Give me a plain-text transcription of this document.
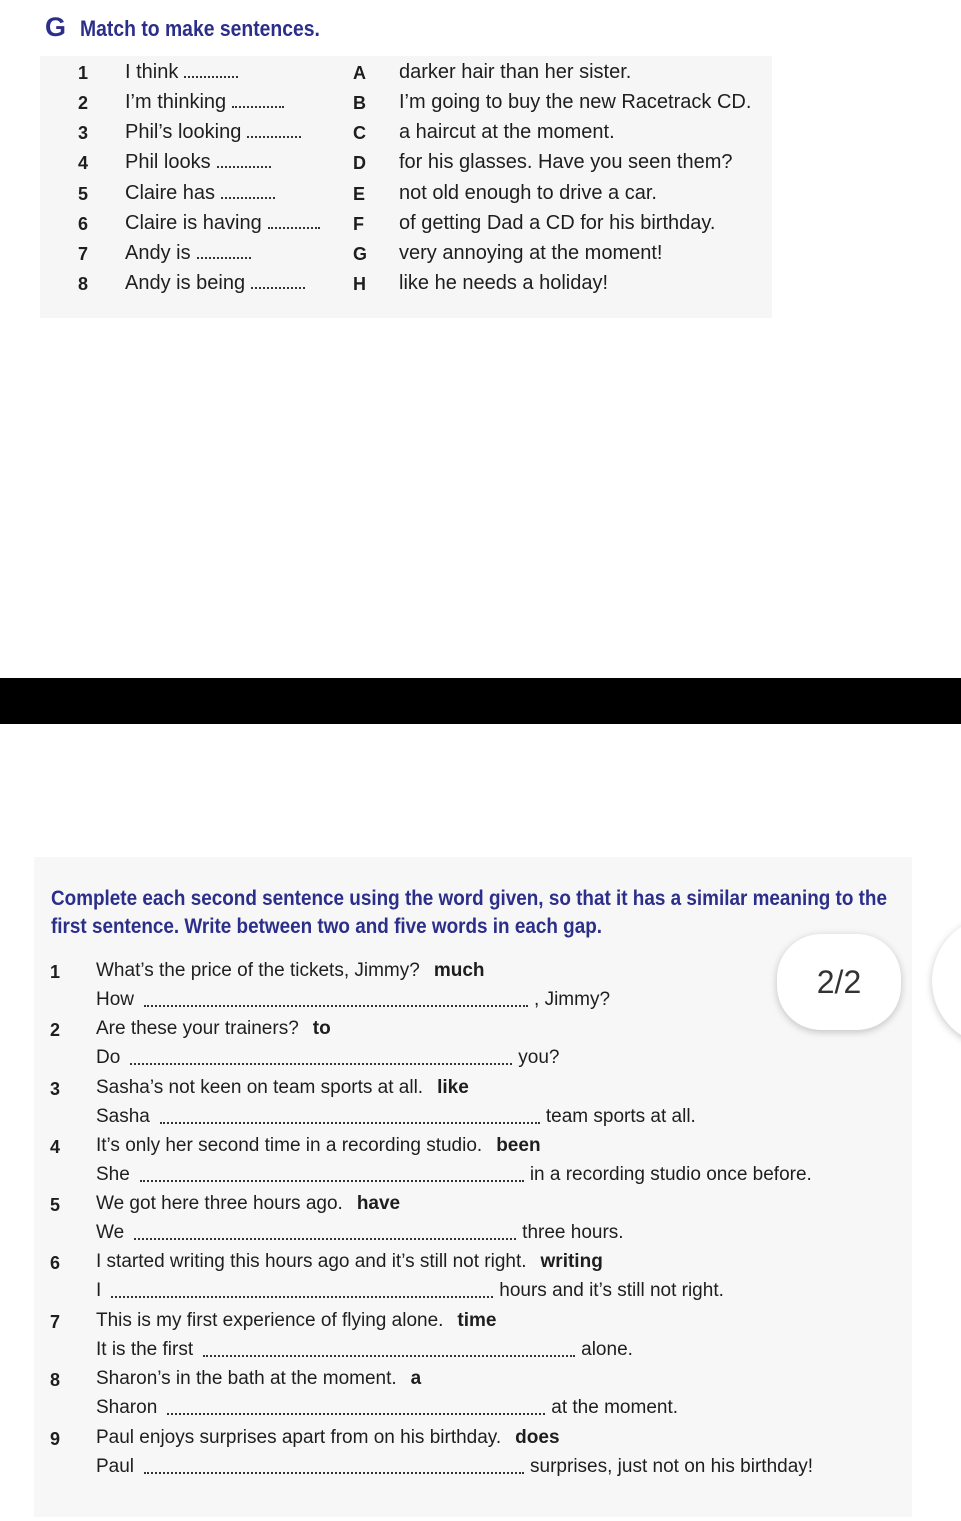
G Match to make sentences.
1 I think	A darker hair than her sister.
2 I’m thinking	B I’m going to buy the new Racetrack CD.
3 Phil’s looking	C a haircut at the moment.
4 Phil looks	D for his glasses. Have you seen them?
5 Claire has	E not old enough to drive a car.
6 Claire is having	F of getting Dad a CD for his birthday.
7 Andy is	G very annoying at the moment!
8 Andy is being	H like he needs a holiday!
Complete each second sentence using the word given, so that it has a similar meaning to the
first sentence. Write between two and five words in each gap.
1 What’s the price of the tickets, Jimmy? much
How	, Jimmy?
2 Are these your trainers? to
Do	you?
3 Sasha’s not keen on team sports at all. like
Sasha	team sports at all.
4 It’s only her second time in a recording studio. been
She	in a recording studio once before.
5 We got here three hours ago. have
We	three hours.
6 I started writing this hours ago and it’s still not right. writing
I	hours and it’s still not right.
7 This is my first experience of flying alone. time
It is the first	alone.
8 Sharon’s in the bath at the moment. a
Sharon	at the moment.
9 Paul enjoys surprises apart from on his birthday. does
Paul	surprises, just not on his birthday!
2/2
